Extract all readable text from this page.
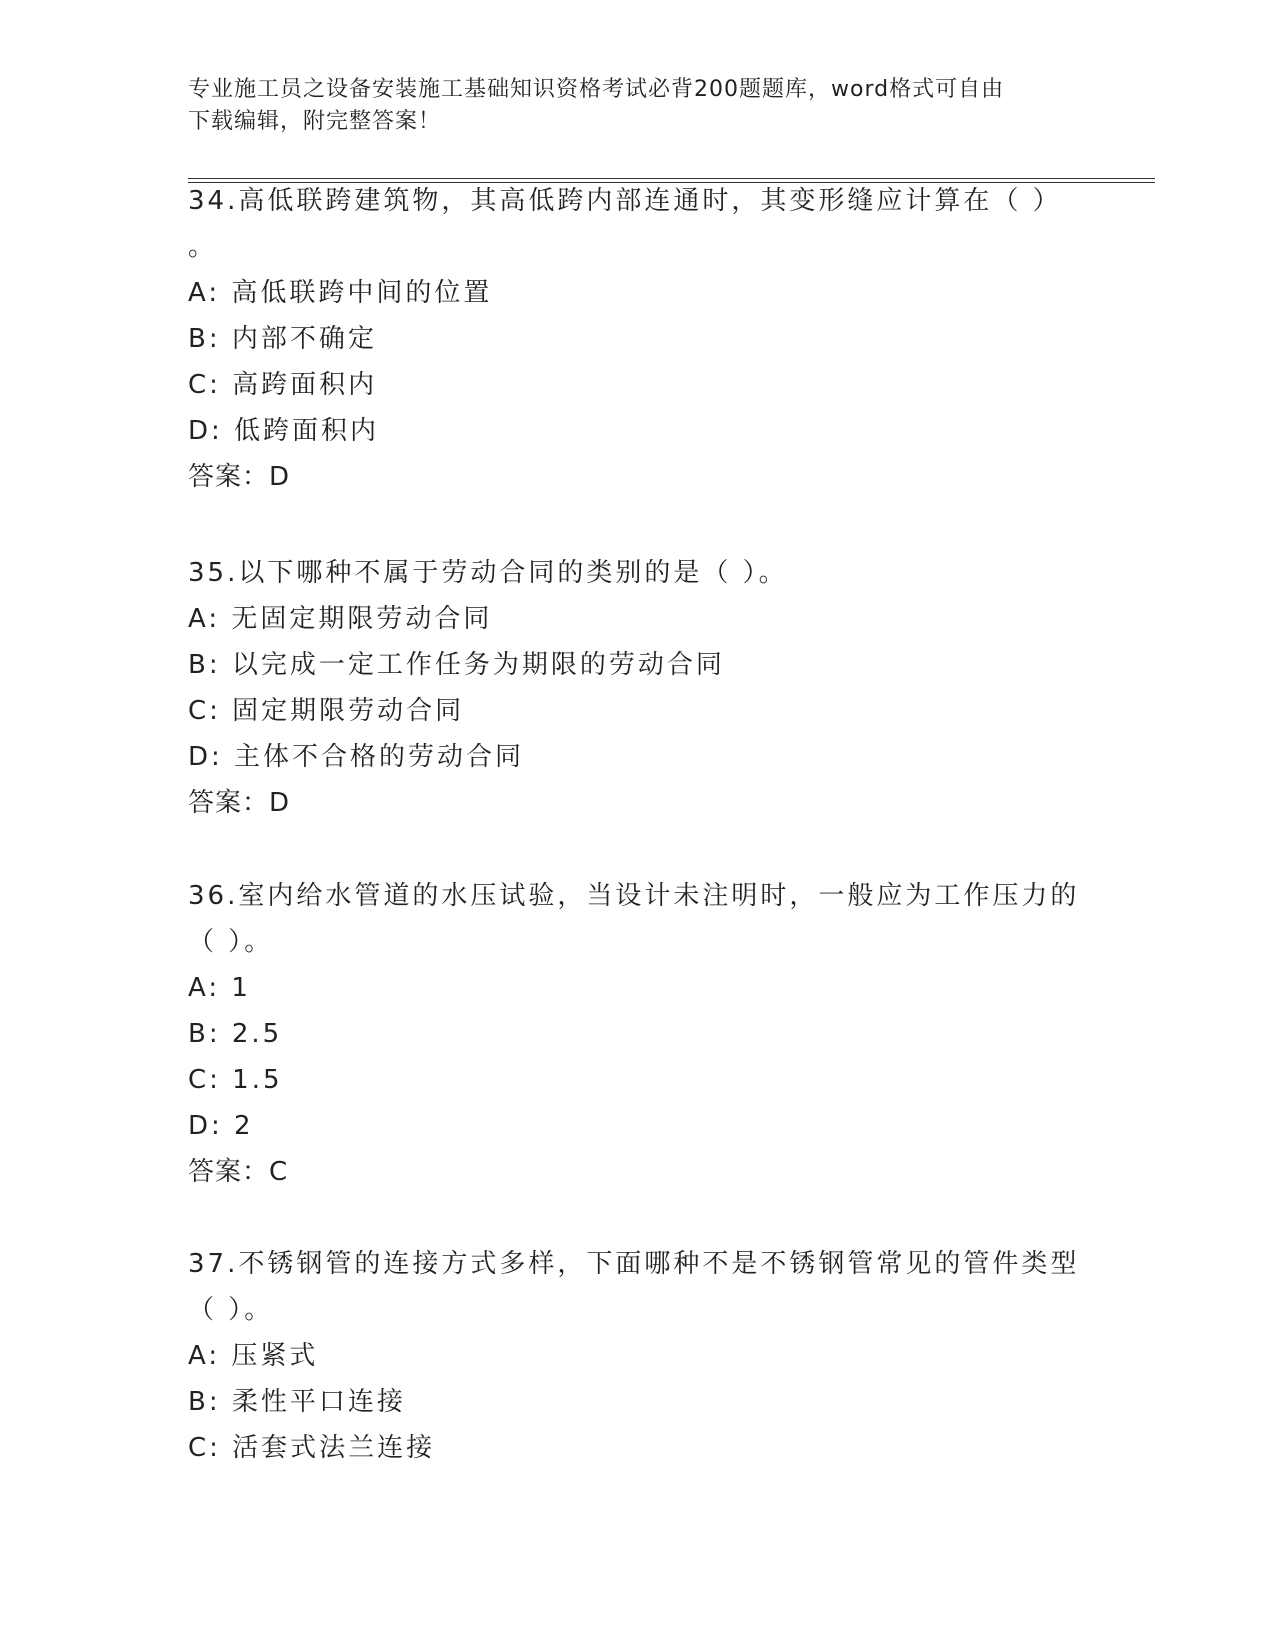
专业施工员之设备安装施工基础知识资格考试必背200题题库，word格式可自由
下载编辑，附完整答案！
34.高低联跨建筑物，其高低跨内部连通时，其变形缝应计算在（ ）
。
A: 高低联跨中间的位置
B: 内部不确定
C: 高跨面积内
D: 低跨面积内
答案：D
35.以下哪种不属于劳动合同的类别的是（ ）。
A: 无固定期限劳动合同
B: 以完成一定工作任务为期限的劳动合同
C: 固定期限劳动合同
D: 主体不合格的劳动合同
答案：D
36.室内给水管道的水压试验，当设计未注明时，一般应为工作压力的
（ ）。
A: 1
B: 2.5
C: 1.5
D: 2
答案：C
37.不锈钢管的连接方式多样，下面哪种不是不锈钢管常见的管件类型
（ ）。
A: 压紧式
B: 柔性平口连接
C: 活套式法兰连接
